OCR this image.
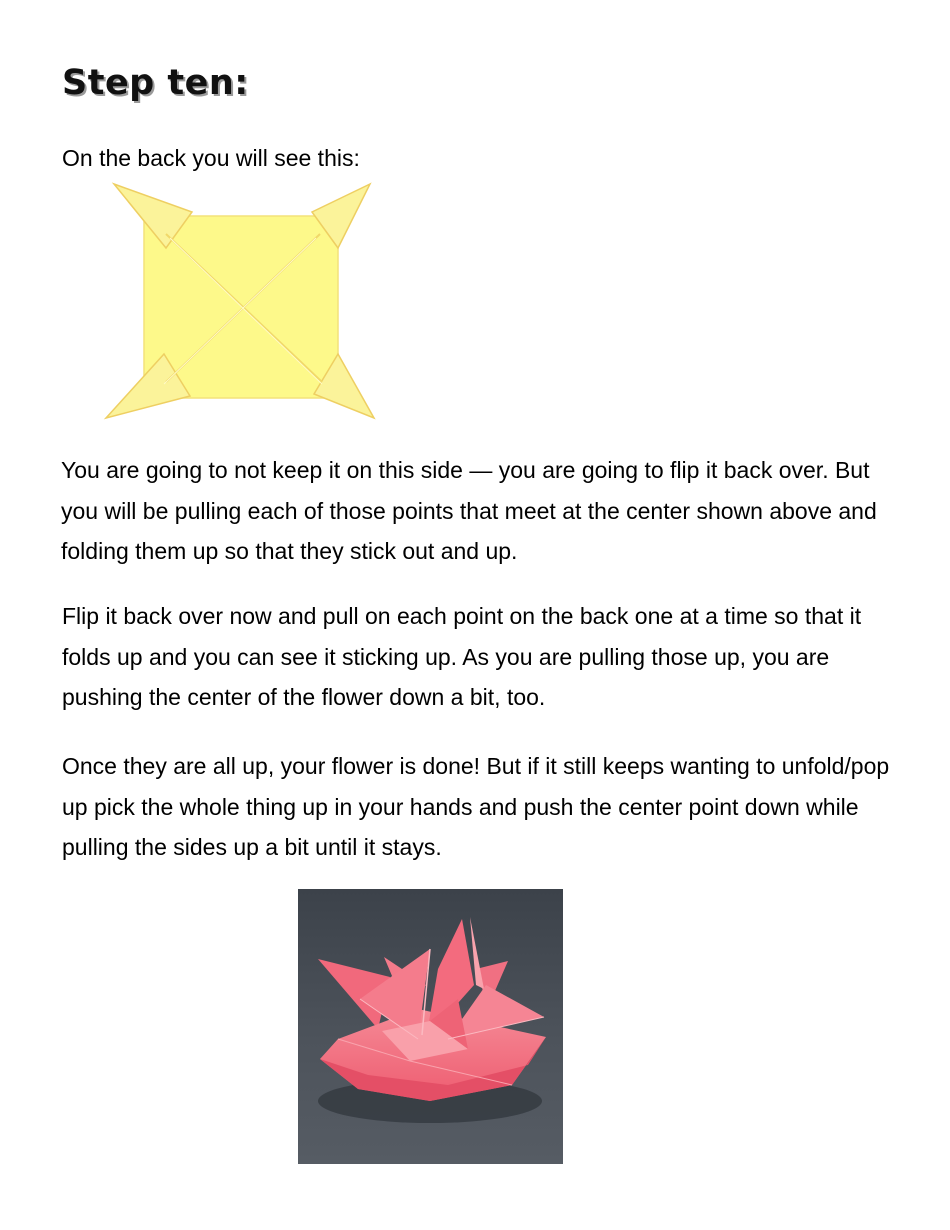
Step ten:

On the back you will see this:

You are going to not keep it on this side — you are going to flip it back over. But you will be pulling each of those points that meet at the center shown above and folding them up so that they stick out and up.

Flip it back over now and pull on each point on the back one at a time so that it folds up and you can see it sticking up. As you are pulling those up, you are pushing the center of the flower down a bit, too.

Once they are all up, your flower is done! But if it still keeps wanting to unfold/pop up pick the whole thing up in your hands and push the center point down while pulling the sides up a bit until it stays.
